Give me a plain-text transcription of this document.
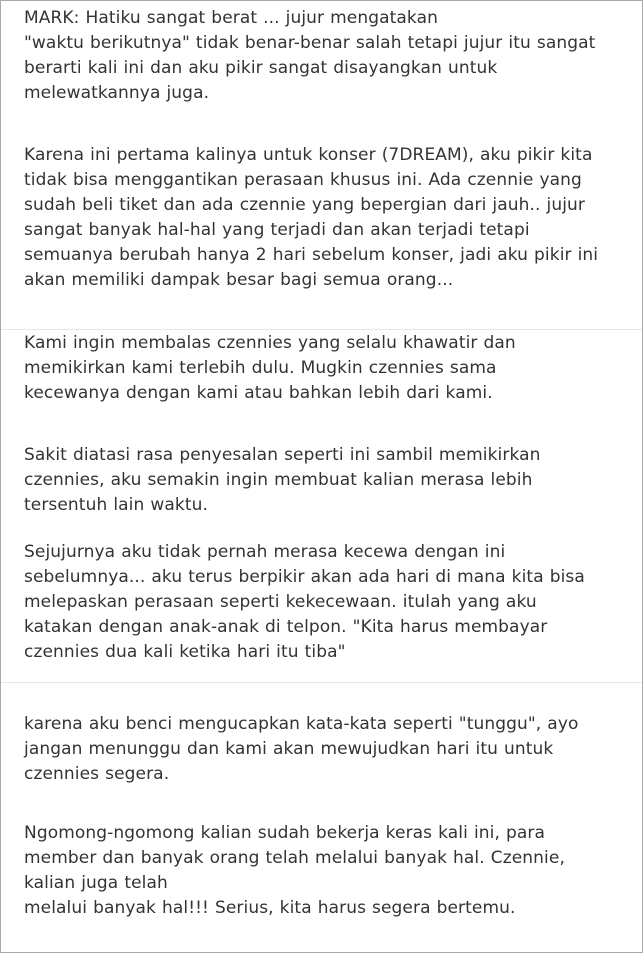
MARK: Hatiku sangat berat ... jujur mengatakan
"waktu berikutnya" tidak benar-benar salah tetapi jujur itu sangat
berarti kali ini dan aku pikir sangat disayangkan untuk
melewatkannya juga.

Karena ini pertama kalinya untuk konser (7DREAM), aku pikir kita
tidak bisa menggantikan perasaan khusus ini. Ada czennie yang
sudah beli tiket dan ada czennie yang bepergian dari jauh.. jujur
sangat banyak hal-hal yang terjadi dan akan terjadi tetapi
semuanya berubah hanya 2 hari sebelum konser, jadi aku pikir ini
akan memiliki dampak besar bagi semua orang...

Kami ingin membalas czennies yang selalu khawatir dan
memikirkan kami terlebih dulu. Mugkin czennies sama
kecewanya dengan kami atau bahkan lebih dari kami.

Sakit diatasi rasa penyesalan seperti ini sambil memikirkan
czennies, aku semakin ingin membuat kalian merasa lebih
tersentuh lain waktu.

Sejujurnya aku tidak pernah merasa kecewa dengan ini
sebelumnya... aku terus berpikir akan ada hari di mana kita bisa
melepaskan perasaan seperti kekecewaan. itulah yang aku
katakan dengan anak-anak di telpon. "Kita harus membayar
czennies dua kali ketika hari itu tiba"

karena aku benci mengucapkan kata-kata seperti "tunggu", ayo
jangan menunggu dan kami akan mewujudkan hari itu untuk
czennies segera.

Ngomong-ngomong kalian sudah bekerja keras kali ini, para
member dan banyak orang telah melalui banyak hal. Czennie,
kalian juga telah
melalui banyak hal!!! Serius, kita harus segera bertemu.
